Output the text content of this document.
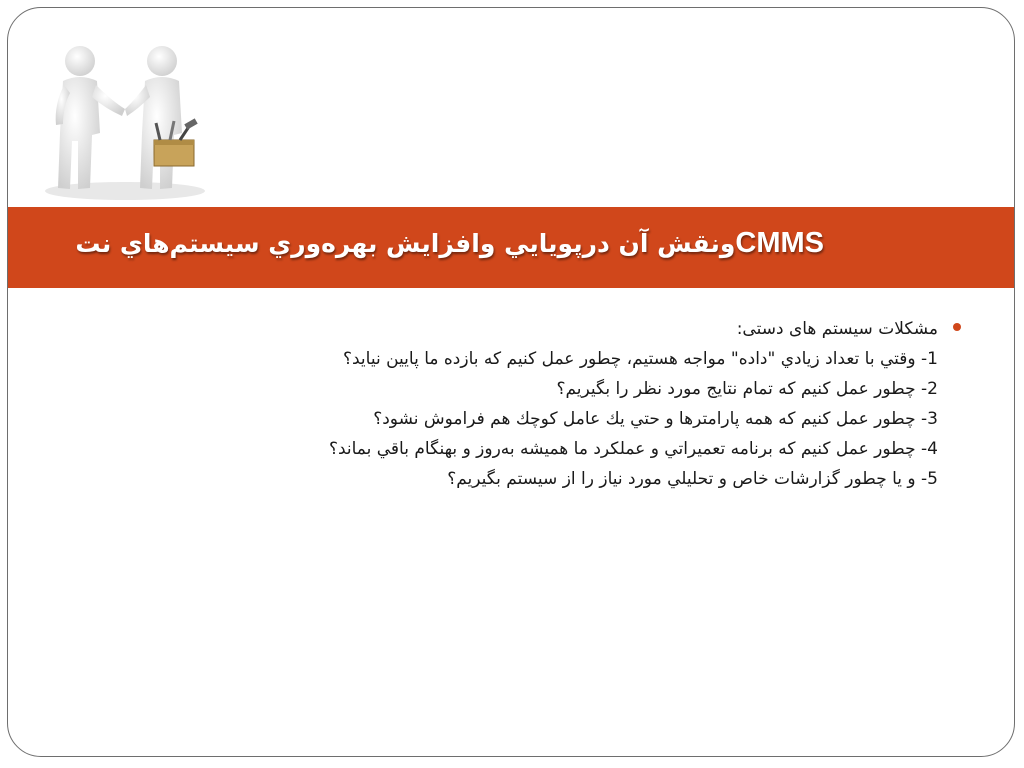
CMMSونقش آن درپويايي وافزايش بهره‌وري سيستم‌هاي نت
مشکلات سیستم های دستی:
1- وقتي با تعداد زيادي "داده" مواجه هستيم، چطور عمل كنيم كه بازده ما پايين نيايد؟
2- چطور عمل كنيم كه تمام نتايج مورد نظر را بگيريم؟
3- چطور عمل كنيم كه همه پارامترها و حتي يك عامل كوچك هم فراموش نشود؟
4- چطور عمل كنيم كه برنامه تعميراتي و عملكرد ما هميشه به‌روز و بهنگام باقي بماند؟
5- و يا چطور گزارشات خاص و تحليلي مورد نياز را از سيستم بگيريم؟
